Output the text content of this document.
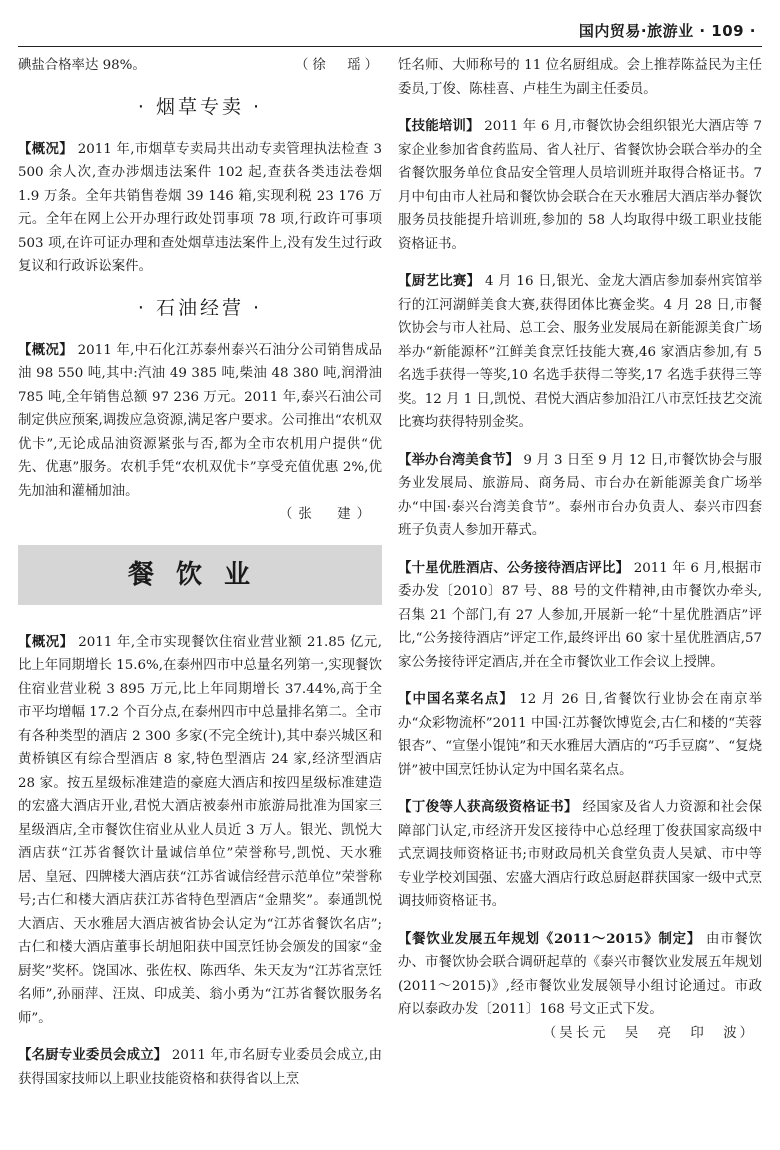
国内贸易·旅游业 · 109 ·

碘盐合格率达 98%。	（徐　瑶）

· 烟草专卖 ·

【概况】 2011 年,市烟草专卖局共出动专卖管理执法检查 3 500 余人次,查办涉烟违法案件 102 起,查获各类违法卷烟 1.9 万条。全年共销售卷烟 39 146 箱,实现利税 23 176 万元。全年在网上公开办理行政处罚事项 78 项,行政许可事项 503 项,在许可证办理和查处烟草违法案件上,没有发生过行政复议和行政诉讼案件。

· 石油经营 ·

【概况】 2011 年,中石化江苏泰州泰兴石油分公司销售成品油 98 550 吨,其中:汽油 49 385 吨,柴油 48 380 吨,润滑油 785 吨,全年销售总额 97 236 万元。2011 年,泰兴石油公司制定供应预案,调拨应急资源,满足客户要求。公司推出“农机双优卡”,无论成品油资源紧张与否,都为全市农机用户提供“优先、优惠”服务。农机手凭“农机双优卡”享受充值优惠 2%,优先加油和灌桶加油。
（张　建）

餐饮业

【概况】 2011 年,全市实现餐饮住宿业营业额 21.85 亿元,比上年同期增长 15.6%,在泰州四市中总量名列第一,实现餐饮住宿业营业税 3 895 万元,比上年同期增长 37.44%,高于全市平均增幅 17.2 个百分点,在泰州四市中总量排名第二。全市有各种类型的酒店 2 300 多家(不完全统计),其中泰兴城区和黄桥镇区有综合型酒店 8 家,特色型酒店 24 家,经济型酒店 28 家。按五星级标准建造的豪庭大酒店和按四星级标准建造的宏盛大酒店开业,君悦大酒店被泰州市旅游局批准为国家三星级酒店,全市餐饮住宿业从业人员近 3 万人。银光、凯悦大酒店获“江苏省餐饮计量诚信单位”荣誉称号,凯悦、天水雅居、皇冠、四牌楼大酒店获“江苏省诚信经营示范单位”荣誉称号;古仁和楼大酒店获江苏省特色型酒店“金鼎奖”。泰通凯悦大酒店、天水雅居大酒店被省协会认定为“江苏省餐饮名店”;古仁和楼大酒店董事长胡旭阳获中国烹饪协会颁发的国家“金厨奖”奖杯。饶国冰、张佐权、陈西华、朱天友为“江苏省烹饪名师”,孙丽萍、汪岚、印成美、翁小勇为“江苏省餐饮服务名师”。

【名厨专业委员会成立】 2011 年,市名厨专业委员会成立,由获得国家技师以上职业技能资格和获得省以上烹

饪名师、大师称号的 11 位名厨组成。会上推荐陈益民为主任委员,丁俊、陈桂喜、卢桂生为副主任委员。

【技能培训】 2011 年 6 月,市餐饮协会组织银光大酒店等 7 家企业参加省食药监局、省人社厅、省餐饮协会联合举办的全省餐饮服务单位食品安全管理人员培训班并取得合格证书。7 月中旬由市人社局和餐饮协会联合在天水雅居大酒店举办餐饮服务员技能提升培训班,参加的 58 人均取得中级工职业技能资格证书。

【厨艺比赛】 4 月 16 日,银光、金龙大酒店参加泰州宾馆举行的江河湖鲜美食大赛,获得团体比赛金奖。4 月 28 日,市餐饮协会与市人社局、总工会、服务业发展局在新能源美食广场举办“新能源杯”江鲜美食烹饪技能大赛,46 家酒店参加,有 5 名选手获得一等奖,10 名选手获得二等奖,17 名选手获得三等奖。12 月 1 日,凯悦、君悦大酒店参加沿江八市烹饪技艺交流比赛均获得特别金奖。

【举办台湾美食节】 9 月 3 日至 9 月 12 日,市餐饮协会与服务业发展局、旅游局、商务局、市台办在新能源美食广场举办“中国·泰兴台湾美食节”。泰州市台办负责人、泰兴市四套班子负责人参加开幕式。

【十星优胜酒店、公务接待酒店评比】 2011 年 6 月,根据市委办发〔2010〕87 号、88 号的文件精神,由市餐饮办牵头,召集 21 个部门,有 27 人参加,开展新一轮“十星优胜酒店”评比,“公务接待酒店”评定工作,最终评出 60 家十星优胜酒店,57 家公务接待评定酒店,并在全市餐饮业工作会议上授牌。

【中国名菜名点】 12 月 26 日,省餐饮行业协会在南京举办“众彩物流杯”2011 中国·江苏餐饮博览会,古仁和楼的“芙蓉银杏”、“宣堡小馄饨”和天水雅居大酒店的“巧手豆腐”、“复烧饼”被中国烹饪协认定为中国名菜名点。

【丁俊等人获高级资格证书】 经国家及省人力资源和社会保障部门认定,市经济开发区接待中心总经理丁俊获国家高级中式烹调技师资格证书;市财政局机关食堂负责人吴斌、市中等专业学校刘国强、宏盛大酒店行政总厨赵群获国家一级中式烹调技师资格证书。

【餐饮业发展五年规划《2011～2015》制定】 由市餐饮办、市餐饮协会联合调研起草的《泰兴市餐饮业发展五年规划(2011～2015)》,经市餐饮业发展领导小组讨论通过。市政府以泰政办发〔2011〕168 号文正式下发。
（吴长元　吴　亮　印　波）
